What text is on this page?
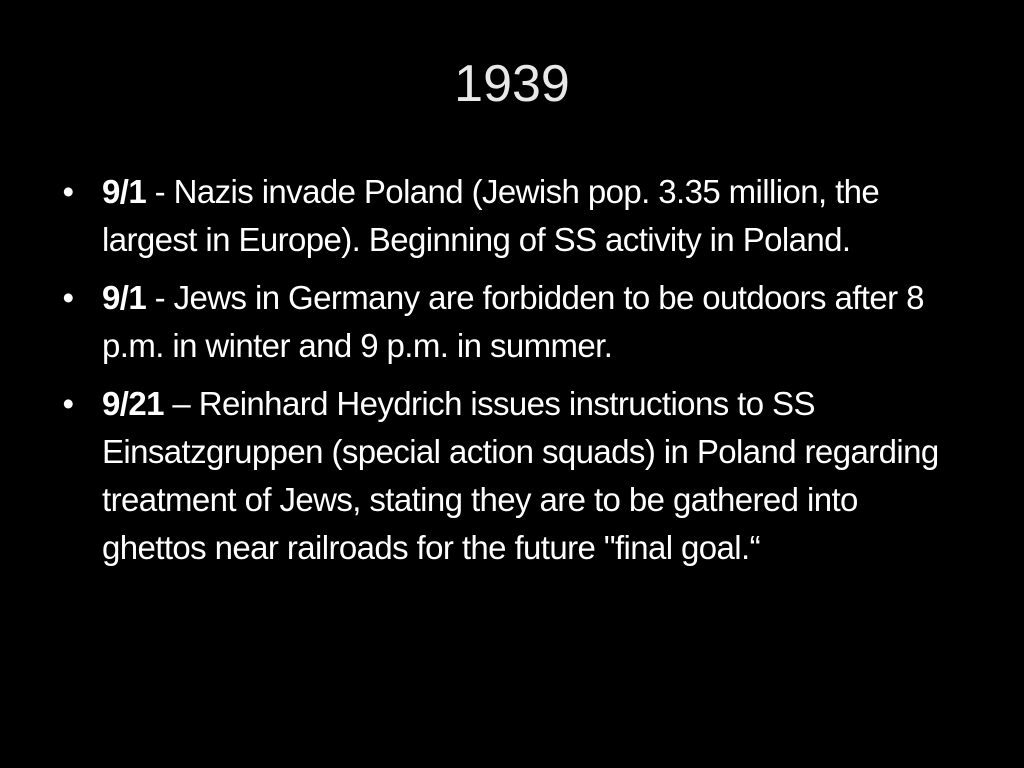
1939
• 9/1 - Nazis invade Poland (Jewish pop. 3.35 million, the largest in Europe). Beginning of SS activity in Poland.
• 9/1 - Jews in Germany are forbidden to be outdoors after 8 p.m. in winter and 9 p.m. in summer.
• 9/21 – Reinhard Heydrich issues instructions to SS Einsatzgruppen (special action squads) in Poland regarding treatment of Jews, stating they are to be gathered into ghettos near railroads for the future "final goal.“
